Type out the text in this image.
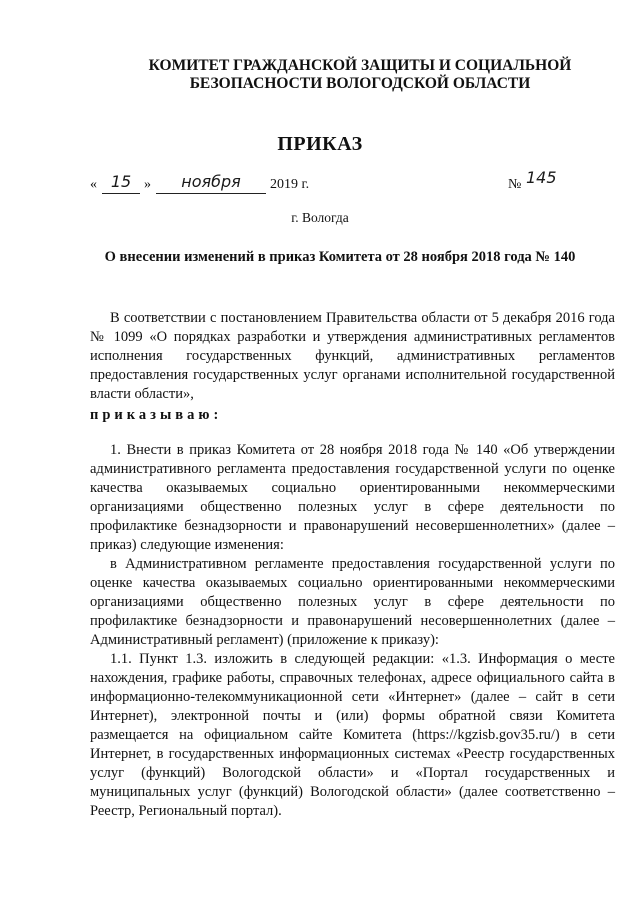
КОМИТЕТ ГРАЖДАНСКОЙ ЗАЩИТЫ И СОЦИАЛЬНОЙ
БЕЗОПАСНОСТИ ВОЛОГОДСКОЙ ОБЛАСТИ
ПРИКАЗ
« 15 »	ноября	2019 г.	№ 145
г. Вологда
О внесении изменений в приказ Комитета от 28 ноября 2018 года № 140

В соответствии с постановлением Правительства области от 5 декабря 2016 года № 1099 «О порядках разработки и утверждения административных регламентов исполнения государственных функций, административных регламентов предоставления государственных услуг органами исполнительной государственной власти области»,

приказываю:

1. Внести в приказ Комитета от 28 ноября 2018 года № 140 «Об утверждении административного регламента предоставления государственной услуги по оценке качества оказываемых социально ориентированными некоммерческими организациями общественно полезных услуг в сфере деятельности по профилактике безнадзорности и правонарушений несовершеннолетних» (далее – приказ) следующие изменения:

в Административном регламенте предоставления государственной услуги по оценке качества оказываемых социально ориентированными некоммерческими организациями общественно полезных услуг в сфере деятельности по профилактике безнадзорности и правонарушений несовершеннолетних (далее – Административный регламент) (приложение к приказу):

1.1. Пункт 1.3. изложить в следующей редакции: «1.3. Информация о месте нахождения, графике работы, справочных телефонах, адресе официального сайта в информационно-телекоммуникационной сети «Интернет» (далее – сайт в сети Интернет), электронной почты и (или) формы обратной связи Комитета размещается на официальном сайте Комитета (https://kgzisb.gov35.ru/) в сети Интернет, в государственных информационных системах «Реестр государственных услуг (функций) Вологодской области» и «Портал государственных и муниципальных услуг (функций) Вологодской области» (далее соответственно – Реестр, Региональный портал).
